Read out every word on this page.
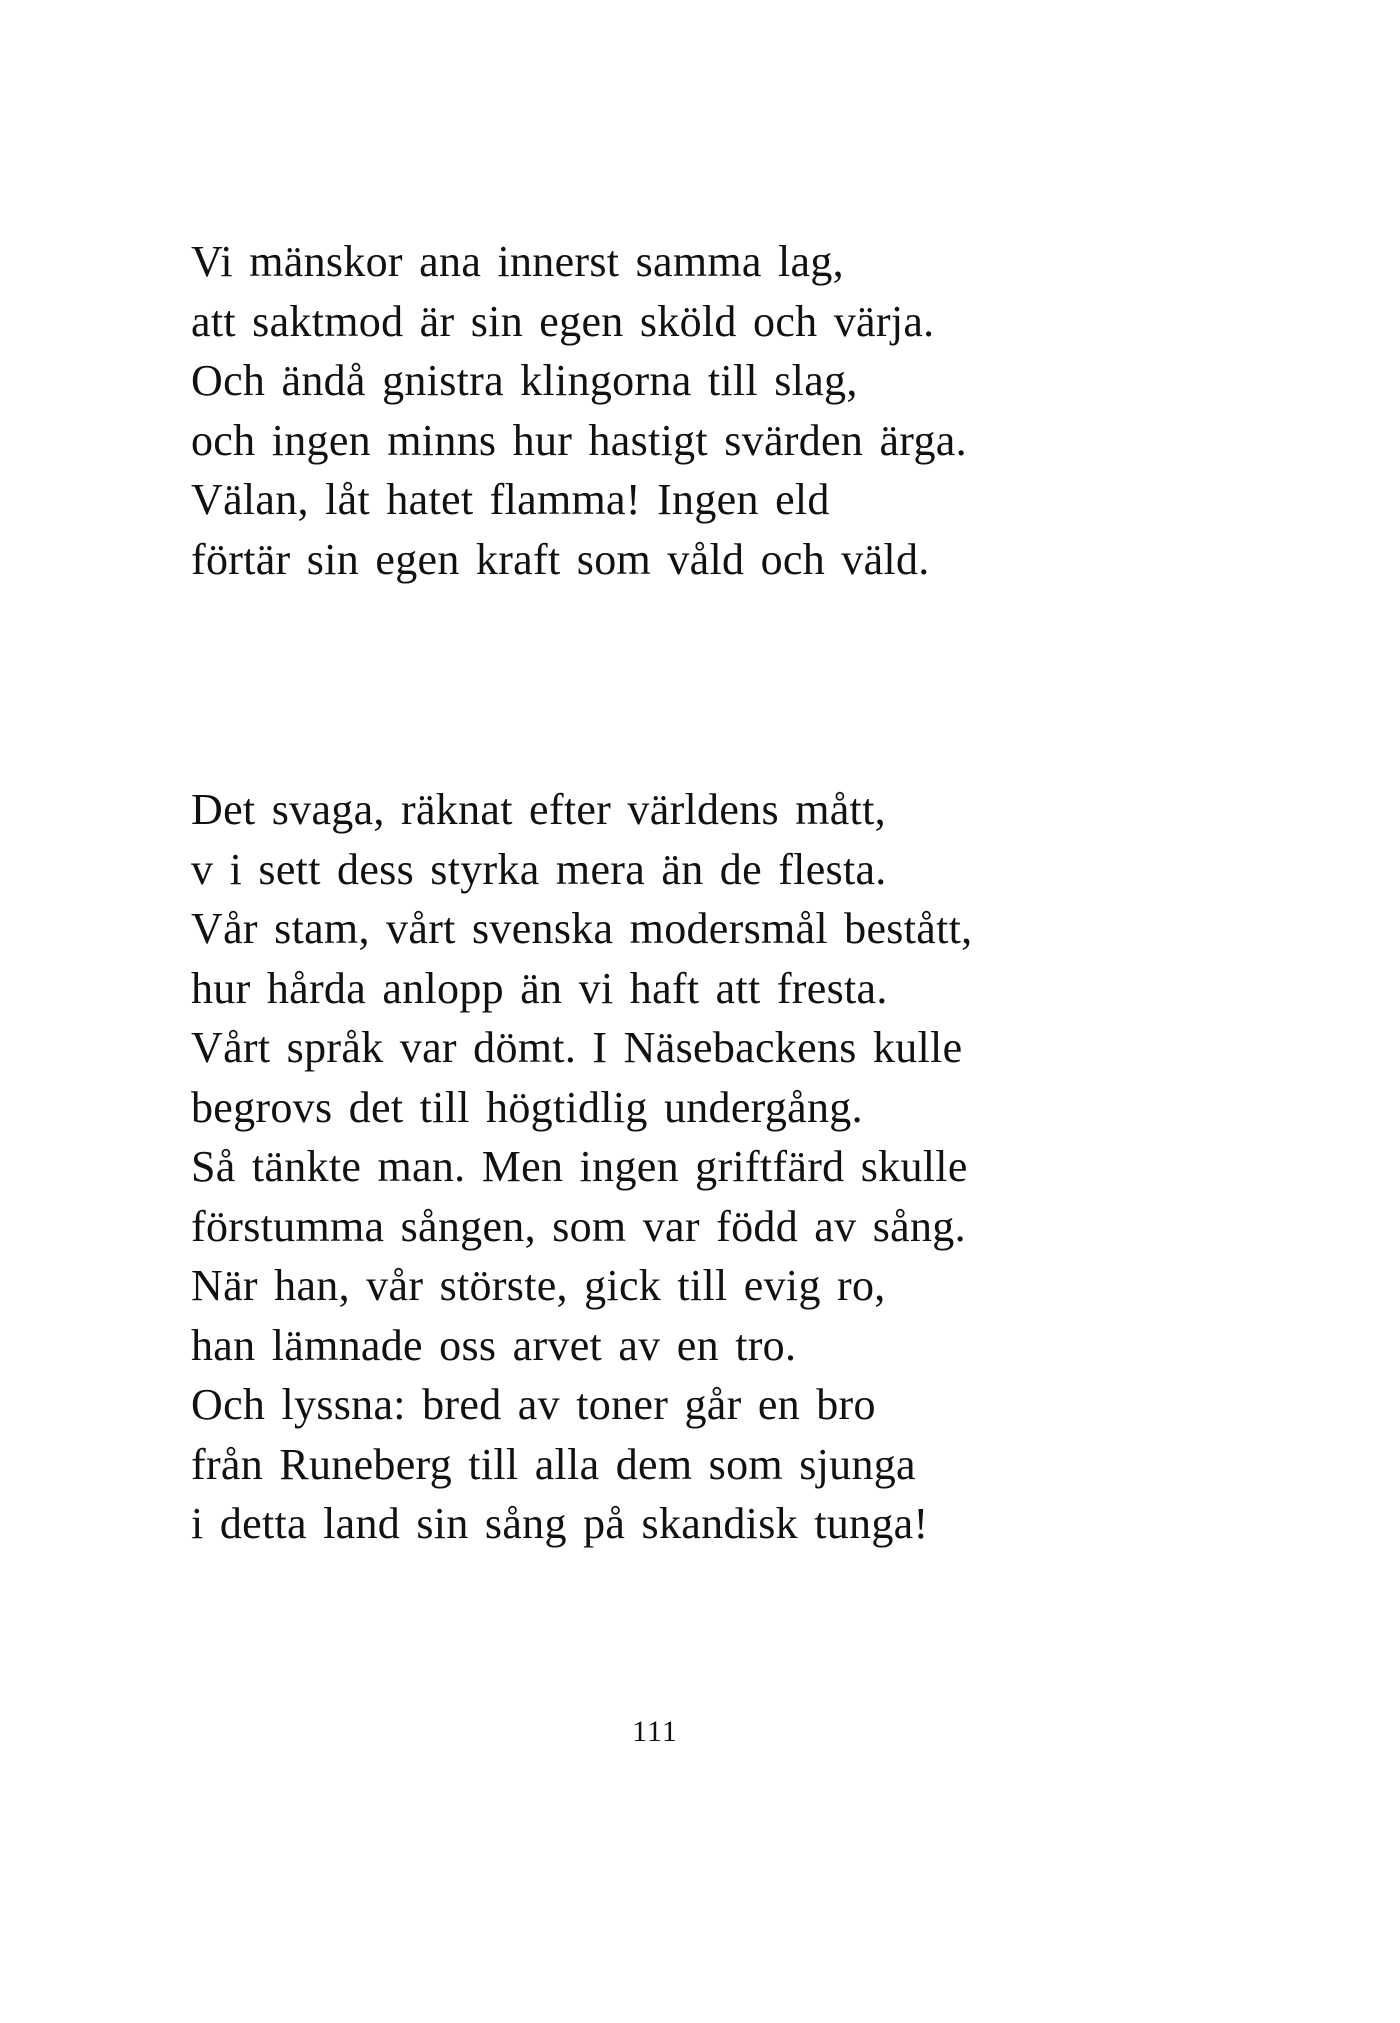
Vi mänskor ana innerst samma lag,
att saktmod är sin egen sköld och värja.
Och ändå gnistra klingorna till slag,
och ingen minns hur hastigt svärden ärga.
Välan, låt hatet flamma! Ingen eld
förtär sin egen kraft som våld och väld.
Det svaga, räknat efter världens mått,
v i sett dess styrka mera än de flesta.
Vår stam, vårt svenska modersmål bestått,
hur hårda anlopp än vi haft att fresta.
Vårt språk var dömt. I Näsebackens kulle
begrovs det till högtidlig undergång.
Så tänkte man. Men ingen griftfärd skulle
förstumma sången, som var född av sång.
När han, vår störste, gick till evig ro,
han lämnade oss arvet av en tro.
Och lyssna: bred av toner går en bro
från Runeberg till alla dem som sjunga
i detta land sin sång på skandisk tunga!
111
